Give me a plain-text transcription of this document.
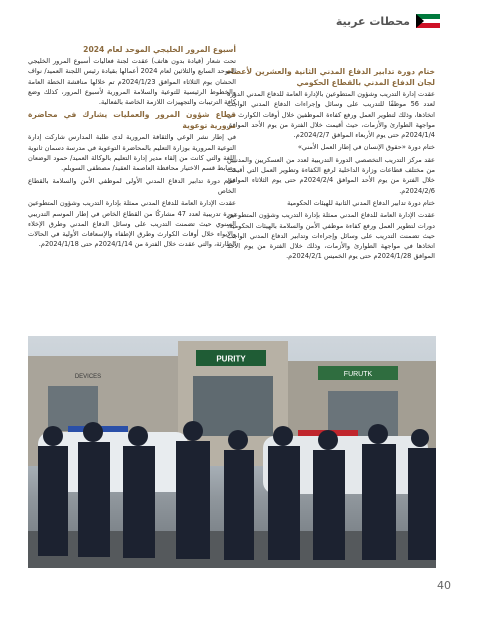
محطات عربية
ختام دورة تدابير الدفاع المدني الثانية والعشرين لأعضاء لجان الدفاع المدني بالقطاع الحكومي
عقدت إدارة التدريب وشؤون المتطوعين بالإدارة العامة للدفاع المدني الدورة لعدد 56 موظفًا للتدريب على وسائل وإجراءات الدفاع المدني الواجب اتخاذها، وذلك لتطوير العمل ورفع كفاءة الموظفين خلال أوقات الكوارث في مواجهة الطوارئ والأزمات، حيث أقيمت خلال الفترة من يوم الأحد الموافق 2024/1/4م حتى يوم الأربعاء الموافق 2024/2/7م.
ختام دورة «حقوق الإنسان في إطار العمل الأمني»
عقد مركز التدريب التخصصي الدورة التدريبية لعدد من العسكريين والمدنيين من مختلف قطاعات وزارة الداخلية لرفع الكفاءة وتطوير العمل التي أقيمت خلال الفترة من يوم الأحد الموافق 2024/2/4م حتى يوم الثلاثاء الموافق 2024/2/6م.
ختام دورة تدابير الدفاع المدني الثانية للهيئات الحكومية
عقدت الإدارة العامة للدفاع المدني ممثلة بإدارة التدريب وشؤون المتطوعين دورات لتطوير العمل ورفع كفاءة موظفي الأمن والسلامة بالهيئات الحكومية، حيث تضمنت التدريب على وسائل وإجراءات وتدابير الدفاع المدني الواجب اتخاذها في مواجهة الطوارئ والأزمات، وذلك خلال الفترة من يوم الأحد الموافق 2024/1/28م حتى يوم الخميس 2024/2/1م.
أسبوع المرور الخليجي الموحد لعام 2024
تحت شعار (قيادة بدون هاتف) عقدت لجنة فعاليات أسبوع المرور الخليجي الموحد السابع والثلاثين لعام 2024 أعمالها بقيادة رئيس اللجنة العميد/ نواف الحشان يوم الثلاثاء الموافق 2024/1/23م تم خلالها مناقشة الخطة العامة والخطوط الرئيسية للتوعية والسلامة المرورية لأسبوع المرور، كذلك وضع كافة الترتيبات والتجهيزات اللازمة الخاصة بالفعالية.
قطاع شؤون المرور والعمليات يشارك في محاضرة مرورية توعوية
في إطار نشر الوعي والثقافة المرورية لدى طلبة المدارس شاركت إدارة التوعية المرورية بوزارة التعليم بالمحاضرة التوعوية في مدرسة دسمان ثانوية اللغة والتي كانت من إلقاء مدير إدارة التعليم بالوكالة العميد/ حمود الوضعان وضابط قسم الاختيار محافظة العاصمة العقيد/ مصطفى السويلم.
ختام دورة تدابير الدفاع المدني الأولى لموظفي الأمن والسلامة بالقطاع الخاص
عقدت الإدارة العامة للدفاع المدني ممثلة بإدارة التدريب وشؤون المتطوعين دورة تدريبية لعدد 47 مشاركًا من القطاع الخاص في إطار الموسم التدريبي السنوي حيث تضمنت التدريب على وسائل الدفاع المدني وطرق الإخلاء والإيواء خلال أوقات الكوارث وطرق الإطفاء والإسعافات الأولية في الحالات الطارئة، والتي عقدت خلال الفترة من 2024/1/14م حتى 2024/1/18م.
PURITY
FURUTK
DEVICES
40
